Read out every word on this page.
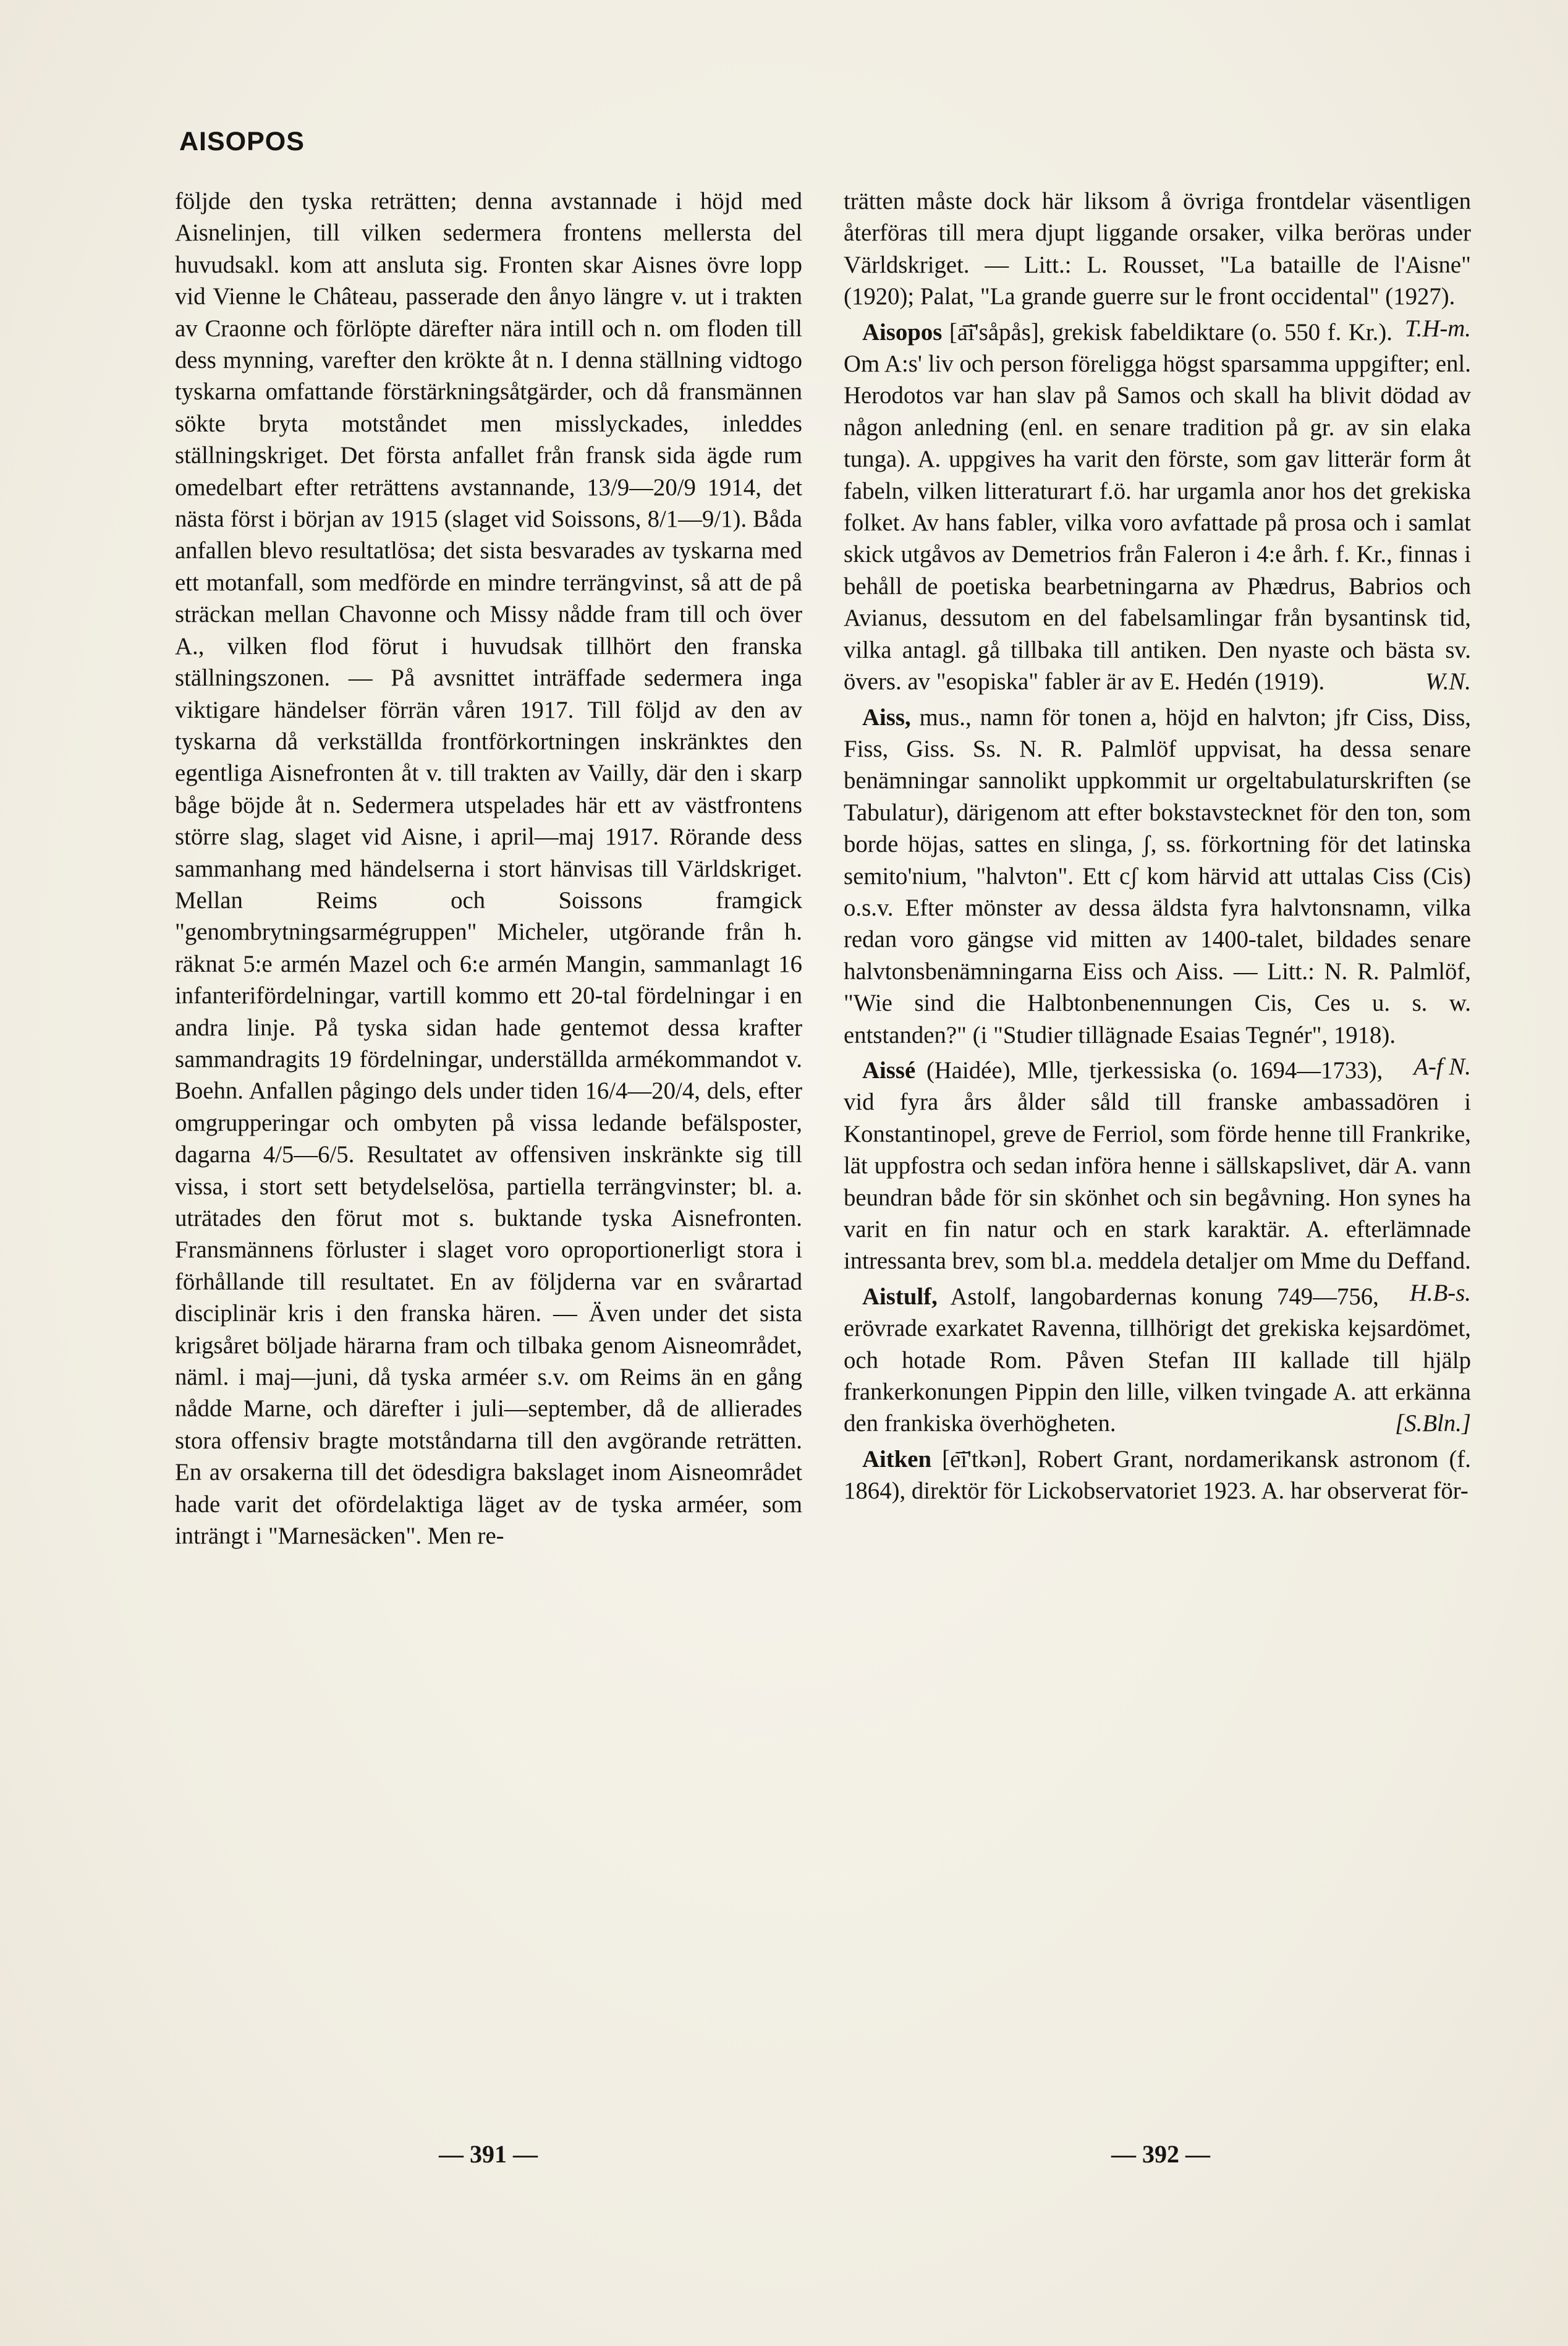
AISOPOS

följde den tyska reträtten; denna avstannade i höjd med Aisnelinjen, till vilken sedermera frontens mellersta del huvudsakl. kom att ansluta sig. Fronten skar Aisnes övre lopp vid Vienne le Château, passerade den ånyo längre v. ut i trakten av Craonne och förlöpte därefter nära intill och n. om floden till dess mynning, varefter den krökte åt n. I denna ställning vidtogo tyskarna omfattande förstärkningsåtgärder, och då fransmännen sökte bryta motståndet men misslyckades, inleddes ställningskriget. Det första anfallet från fransk sida ägde rum omedelbart efter reträttens avstannande, 13/9—20/9 1914, det nästa först i början av 1915 (slaget vid Soissons, 8/1—9/1). Båda anfallen blevo resultatlösa; det sista besvarades av tyskarna med ett motanfall, som medförde en mindre terrängvinst, så att de på sträckan mellan Chavonne och Missy nådde fram till och över A., vilken flod förut i huvudsak tillhört den franska ställningszonen. — På avsnittet inträffade sedermera inga viktigare händelser förrän våren 1917. Till följd av den av tyskarna då verkställda frontförkortningen inskränktes den egentliga Aisnefronten åt v. till trakten av Vailly, där den i skarp båge böjde åt n. Sedermera utspelades här ett av västfrontens större slag, slaget vid Aisne, i april—maj 1917. Rörande dess sammanhang med händelserna i stort hänvisas till Världskriget. Mellan Reims och Soissons framgick "genombrytningsarmégruppen" Micheler, utgörande från h. räknat 5:e armén Mazel och 6:e armén Mangin, sammanlagt 16 infanterifördelningar, vartill kommo ett 20-tal fördelningar i en andra linje. På tyska sidan hade gentemot dessa krafter sammandragits 19 fördelningar, underställda armékommandot v. Boehn. Anfallen pågingo dels under tiden 16/4—20/4, dels, efter omgrupperingar och ombyten på vissa ledande befälsposter, dagarna 4/5—6/5. Resultatet av offensiven inskränkte sig till vissa, i stort sett betydelselösa, partiella terrängvinster; bl. a. uträtades den förut mot s. buktande tyska Aisnefronten. Fransmännens förluster i slaget voro oproportionerligt stora i förhållande till resultatet. En av följderna var en svårartad disciplinär kris i den franska hären. — Även under det sista krigsåret böljade härarna fram och tilbaka genom Aisneområdet, näml. i maj—juni, då tyska arméer s.v. om Reims än en gång nådde Marne, och därefter i juli—september, då de allierades stora offensiv bragte motståndarna till den avgörande reträtten. En av orsakerna till det ödesdigra bakslaget inom Aisneområdet hade varit det ofördelaktiga läget av de tyska arméer, som inträngt i "Marnesäcken". Men re-

trätten måste dock här liksom å övriga frontdelar väsentligen återföras till mera djupt liggande orsaker, vilka beröras under Världskriget. — Litt.: L. Rousset, "La bataille de l'Aisne" (1920); Palat, "La grande guerre sur le front occidental" (1927).
T.H-m.

Aisopos [a͞i'såpås], grekisk fabeldiktare (o. 550 f. Kr.). Om A:s' liv och person föreligga högst sparsamma uppgifter; enl. Herodotos var han slav på Samos och skall ha blivit dödad av någon anledning (enl. en senare tradition på gr. av sin elaka tunga). A. uppgives ha varit den förste, som gav litterär form åt fabeln, vilken litteraturart f.ö. har urgamla anor hos det grekiska folket. Av hans fabler, vilka voro avfattade på prosa och i samlat skick utgåvos av Demetrios från Faleron i 4:e årh. f. Kr., finnas i behåll de poetiska bearbetningarna av Phædrus, Babrios och Avianus, dessutom en del fabelsamlingar från bysantinsk tid, vilka antagl. gå tillbaka till antiken. Den nyaste och bästa sv. övers. av "esopiska" fabler är av E. Hedén (1919).	W.N.

Aiss, mus., namn för tonen a, höjd en halvton; jfr Ciss, Diss, Fiss, Giss. Ss. N. R. Palmlöf uppvisat, ha dessa senare benämningar sannolikt uppkommit ur orgeltabulaturskriften (se Tabulatur), därigenom att efter bokstavstecknet för den ton, som borde höjas, sattes en slinga, ʃ, ss. förkortning för det latinska semito'nium, "halvton". Ett cʃ kom härvid att uttalas Ciss (Cis) o.s.v. Efter mönster av dessa äldsta fyra halvtonsnamn, vilka redan voro gängse vid mitten av 1400-talet, bildades senare halvtonsbenämningarna Eiss och Aiss. — Litt.: N. R. Palmlöf, "Wie sind die Halbtonbenennungen Cis, Ces u. s. w. entstanden?" (i "Studier tillägnade Esaias Tegnér", 1918).
A-f N.

Aissé (Haidée), Mlle, tjerkessiska (o. 1694—1733), vid fyra års ålder såld till franske ambassadören i Konstantinopel, greve de Ferriol, som förde henne till Frankrike, lät uppfostra och sedan införa henne i sällskapslivet, där A. vann beundran både för sin skönhet och sin begåvning. Hon synes ha varit en fin natur och en stark karaktär. A. efterlämnade intressanta brev, som bl.a. meddela detaljer om Mme du Deffand.
H.B-s.

Aistulf, Astolf, langobardernas konung 749—756, erövrade exarkatet Ravenna, tillhörigt det grekiska kejsardömet, och hotade Rom. Påven Stefan III kallade till hjälp frankerkonungen Pippin den lille, vilken tvingade A. att erkänna den frankiska överhögheten.	[S.Bln.]

Aitken [e͞i'tkən], Robert Grant, nordamerikansk astronom (f. 1864), direktör för Lickobservatoriet 1923. A. har observerat för-

— 391 —	— 392 —
